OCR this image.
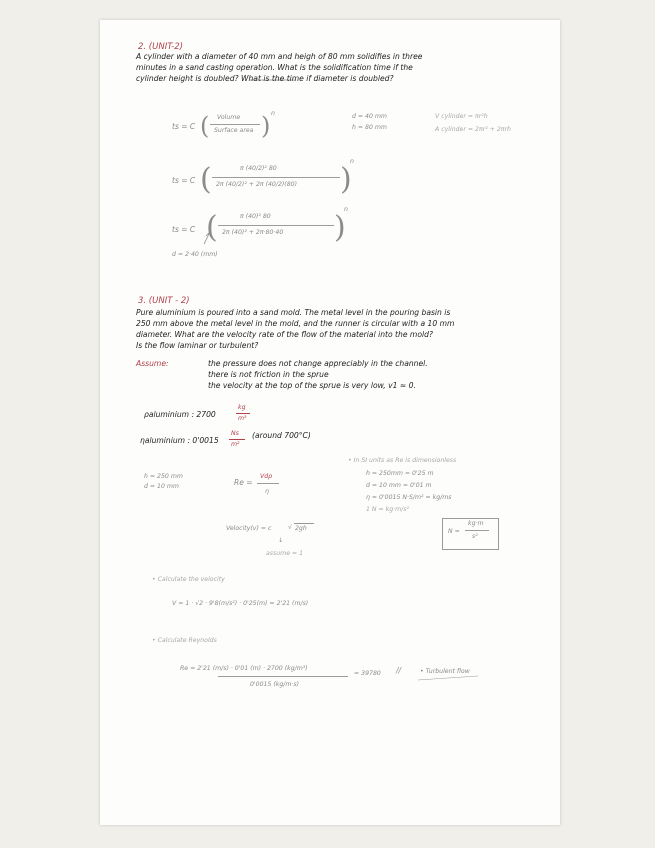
2. (UNIT-2)
A cylinder with a diameter of 40 mm and heigh of 80 mm solidifies in three
minutes in a sand casting operation. What is the solidification time if the
cylinder height is doubled? What is the time if diameter is doubled?
ts = C ( Volume
Surface area ) n	d = 40 mm
h = 80 mm
V cylinder = πr²h
A cylinder = 2πr² + 2πrh
ts = C (	π (40/2)² 80
2π (40/2)² + 2π (40/2)(80) )
n
ts = C (	π (40)² 80
2π (40)² + 2π·80·40 )
n
d = 2·40 (mm)
3. (UNIT - 2)
Pure aluminium is poured into a sand mold. The metal level in the pouring basin is
250 mm above the metal level in the mold, and the runner is circular with a 10 mm
diameter. What are the velocity rate of the flow of the material into the mold?
Is the flow laminar or turbulent?
Assume:	the pressure does not change appreciably in the channel.
there is not friction in the sprue
the velocity at the top of the sprue is very low, v1 ≈ 0.
ρaluminium : 2700
kg
m³
ηaluminium : 0'0015
Ns
m²
(around 700°C)
• In SI units as Re is dimensionless
h = 250 mm
d = 10 mm	Re =
Vdρ
η
h = 250mm = 0'25 m
d = 10 mm = 0'01 m
η = 0'0015 N·S/m² = kg/ms
1 N = kg·m/s²
Velocity(v) = c	√ 2gh
↓
assume = 1
N =
kg·m
s²
• Calculate the velocity
V = 1 · √2 · 9'8(m/s²) · 0'25(m) = 2'21 (m/s)
• Calculate Reynolds
Re = 2'21 (m/s) · 0'01 (m) · 2700 (kg/m³)
0'0015 (kg/m·s)
= 39780 //	• Turbulent flow
